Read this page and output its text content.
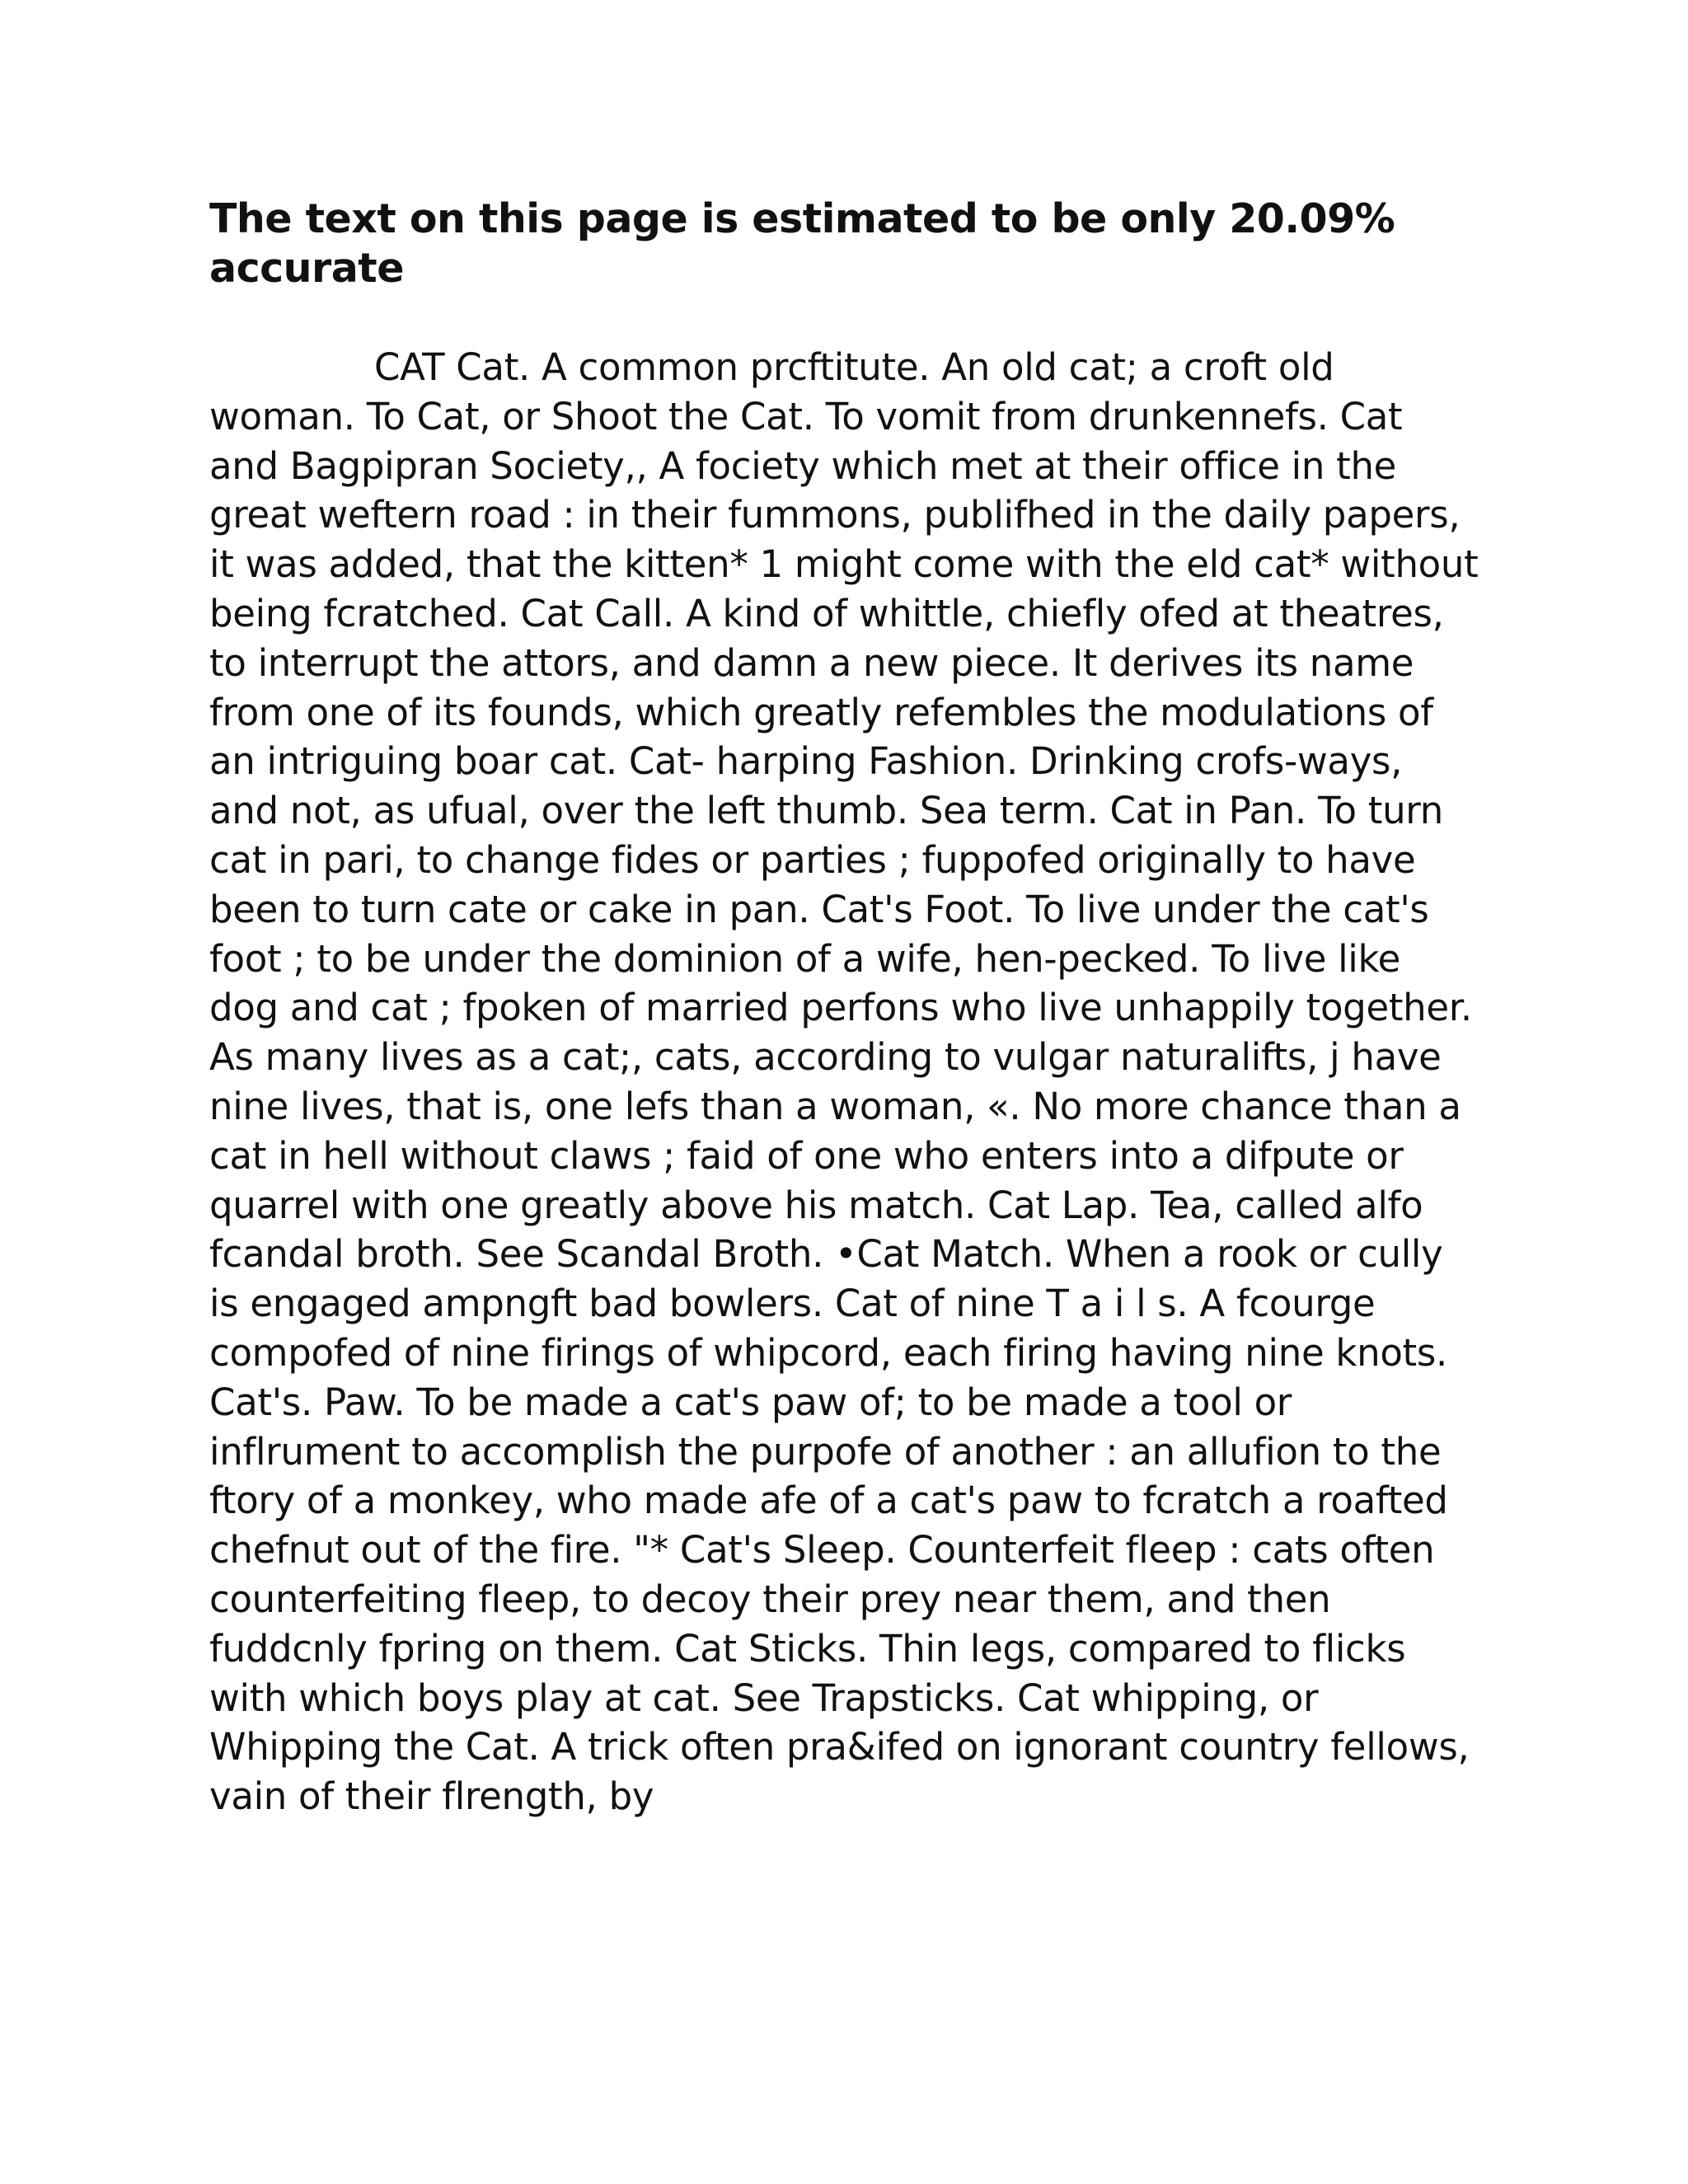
The text on this page is estimated to be only 20.09% accurate

CAT Cat. A common prcftitute. An old cat; a croft old woman. To Cat, or Shoot the Cat. To vomit from drunkennefs. Cat and Bagpipran Society,, A fociety which met at their office in the great weftern road : in their fummons, publifhed in the daily papers, it was added, that the kitten* 1 might come with the eld cat* without being fcratched. Cat Call. A kind of whittle, chiefly ofed at theatres, to interrupt the attors, and damn a new piece. It derives its name from one of its founds, which greatly refembles the modulations of an intriguing boar cat. Cat- harping Fashion. Drinking crofs-ways, and not, as ufual, over the left thumb. Sea term. Cat in Pan. To turn cat in pari, to change fides or parties ; fuppofed originally to have been to turn cate or cake in pan. Cat's Foot. To live under the cat's foot ; to be under the dominion of a wife, hen-pecked. To live like dog and cat ; fpoken of married perfons who live unhappily together. As many lives as a cat;, cats, according to vulgar naturalifts, j have nine lives, that is, one lefs than a woman, «. No more chance than a cat in hell without claws ; faid of one who enters into a difpute or quarrel with one greatly above his match. Cat Lap. Tea, called alfo fcandal broth. See Scandal Broth. •Cat Match. When a rook or cully is engaged ampngft bad bowlers. Cat of nine T a i l s. A fcourge compofed of nine firings of whipcord, each firing having nine knots. Cat's. Paw. To be made a cat's paw of; to be made a tool or inflrument to accomplish the purpofe of another : an allufion to the ftory of a monkey, who made afe of a cat's paw to fcratch a roafted chefnut out of the fire. "* Cat's Sleep. Counterfeit fleep : cats often counterfeiting fleep, to decoy their prey near them, and then fuddcnly fpring on them. Cat Sticks. Thin legs, compared to flicks with which boys play at cat. See Trapsticks. Cat whipping, or Whipping the Cat. A trick often pra&ifed on ignorant country fellows, vain of their flrength, by
